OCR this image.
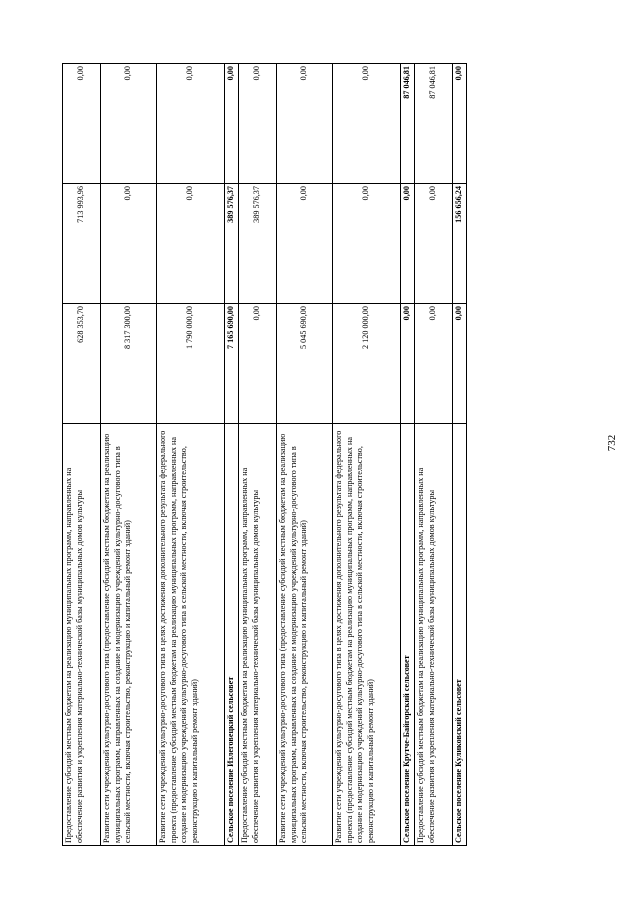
732
Предоставление субсидий местным бюджетам на реализацию муниципальных программ, направленных на обеспечение развития и укрепления материально-технической базы муниципальных домов культуры	628 353,70	713 993,96	0,00
Развитие сети учреждений культурно-досугового типа (предоставление субсидий местным бюджетам на реализацию муниципальных программ, направленных на создание и модернизацию учреждений культурно-досугового типа в сельской местности, включая строительство, реконструкцию и капитальный ремонт зданий)	8 317 300,00	0,00	0,00
Развитие сети учреждений культурно-досугового типа в целях достижения дополнительного результата федерального проекта (предоставление субсидий местным бюджетам на реализацию муниципальных программ, направленных на создание и модернизацию учреждений культурно-досугового типа в сельской местности, включая строительство, реконструкцию и капитальный ремонт зданий)	1 790 000,00	0,00	0,00
Сельское поселение Излеговецкий сельсовет	7 165 690,00	389 576,37	0,00
Предоставление субсидий местным бюджетам на реализацию муниципальных программ, направленных на обеспечение развития и укрепления материально-технической базы муниципальных домов культуры	0,00	389 576,37	0,00
Развитие сети учреждений культурно-досугового типа (предоставление субсидий местным бюджетам на реализацию муниципальных программ, направленных на создание и модернизацию учреждений культурно-досугового типа в сельской местности, включая строительство, реконструкцию и капитальный ремонт зданий)	5 045 690,00	0,00	0,00
Развитие сети учреждений культурно-досугового типа в целях достижения дополнительного результата федерального проекта (предоставление субсидий местным бюджетам на реализацию муниципальных программ, направленных на создание и модернизацию учреждений культурно-досугового типа в сельской местности, включая строительство, реконструкцию и капитальный ремонт зданий)	2 120 000,00	0,00	0,00
Сельское поселение Крутче-Байгорский сельсовет	0,00	0,00	87 046,81
Предоставление субсидий местным бюджетам на реализацию муниципальных программ, направленных на обеспечение развития и укрепления материально-технической базы муниципальных домов культуры	0,00	0,00	87 046,81
Сельское поселение Куликовский сельсовет	0,00	156 656,24	0,00
